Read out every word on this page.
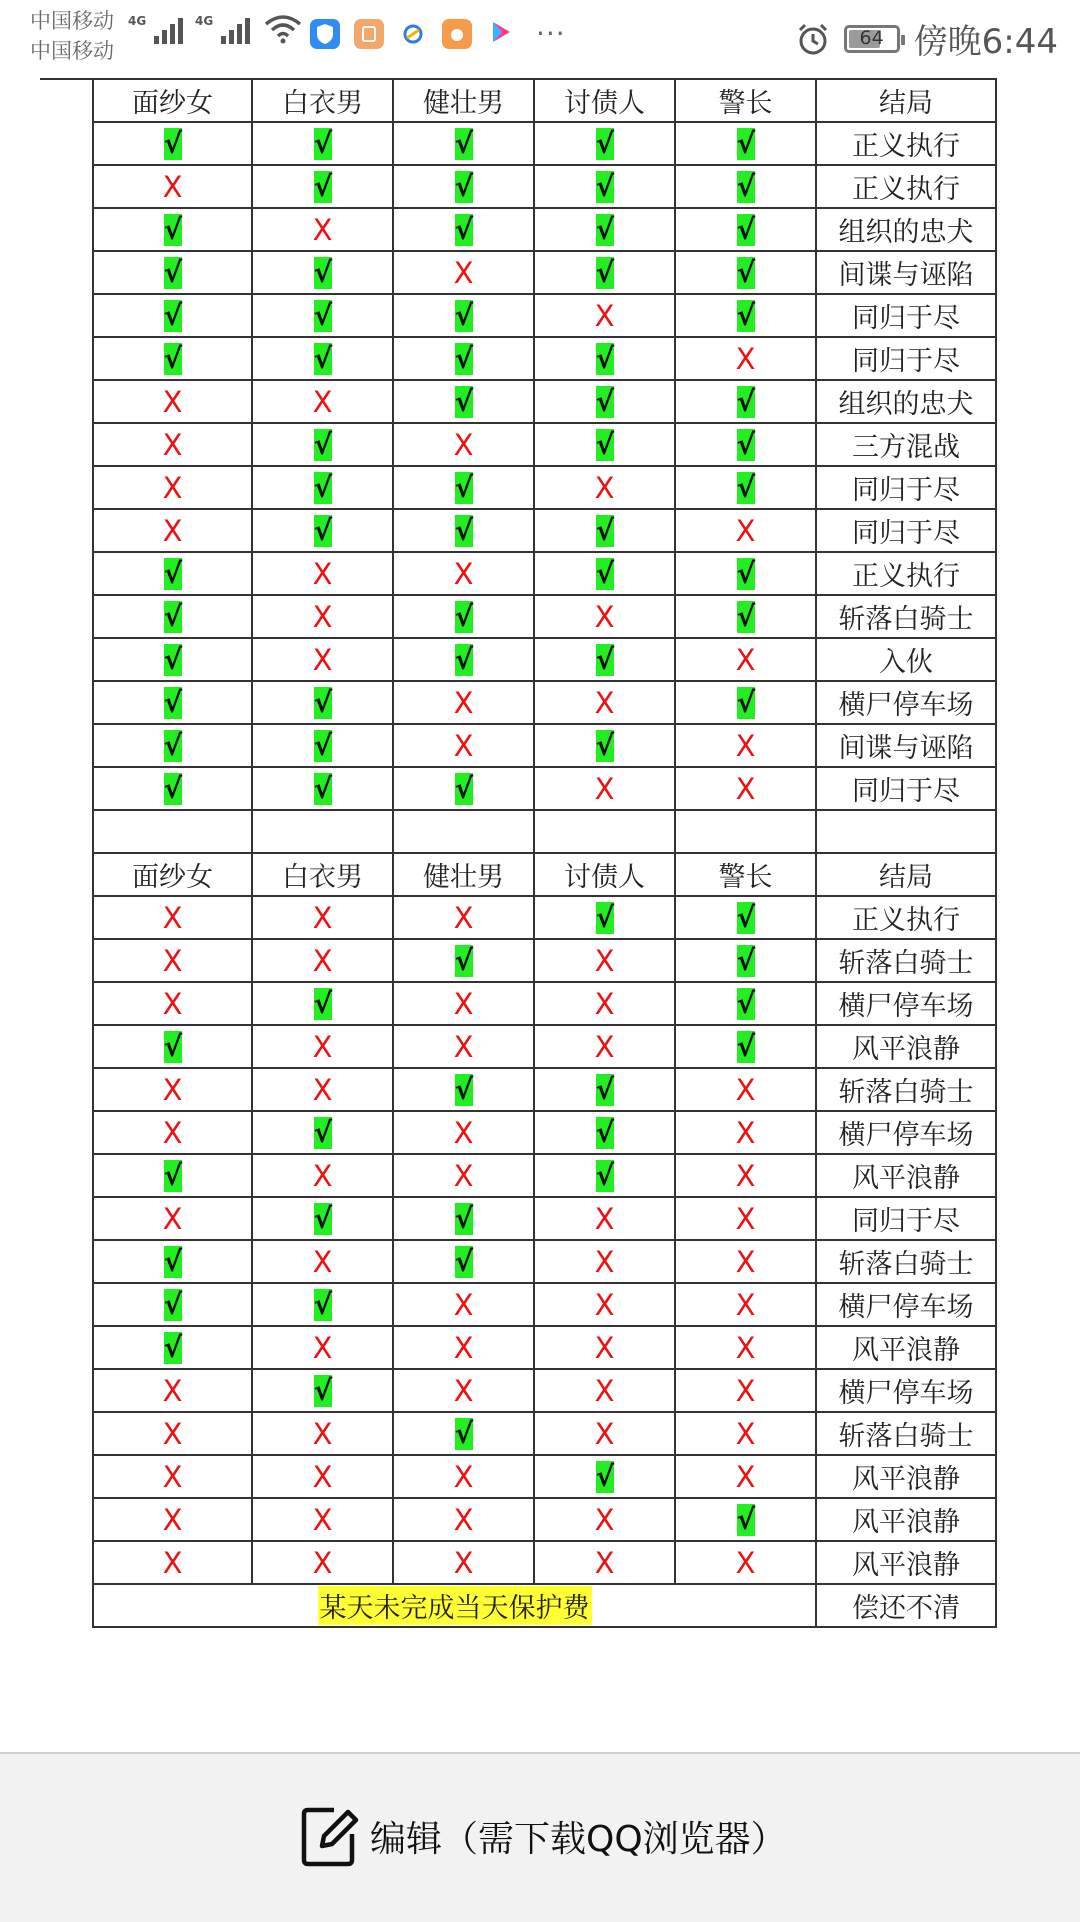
中国移动
中国移动
4G	4G	···	64 傍晚6:44
面纱女	白衣男	健壮男	讨债人	警长	结局
√	√	√	√	√	正义执行
X	√	√	√	√	正义执行
√	X	√	√	√	组织的忠犬
√	√	X	√	√	间谍与诬陷
√	√	√	X	√	同归于尽
√	√	√	√	X	同归于尽
X	X	√	√	√	组织的忠犬
X	√	X	√	√	三方混战
X	√	√	X	√	同归于尽
X	√	√	√	X	同归于尽
√	X	X	√	√	正义执行
√	X	√	X	√	斩落白骑士
√	X	√	√	X	入伙
√	√	X	X	√	横尸停车场
√	√	X	√	X	间谍与诬陷
√	√	√	X	X	同归于尽

面纱女	白衣男	健壮男	讨债人	警长	结局
X	X	X	√	√	正义执行
X	X	√	X	√	斩落白骑士
X	√	X	X	√	横尸停车场
√	X	X	X	√	风平浪静
X	X	√	√	X	斩落白骑士
X	√	X	√	X	横尸停车场
√	X	X	√	X	风平浪静
X	√	√	X	X	同归于尽
√	X	√	X	X	斩落白骑士
√	√	X	X	X	横尸停车场
√	X	X	X	X	风平浪静
X	√	X	X	X	横尸停车场
X	X	√	X	X	斩落白骑士
X	X	X	√	X	风平浪静
X	X	X	X	√	风平浪静
X	X	X	X	X	风平浪静
某天未完成当天保护费					偿还不清
编辑（需下载QQ浏览器）
